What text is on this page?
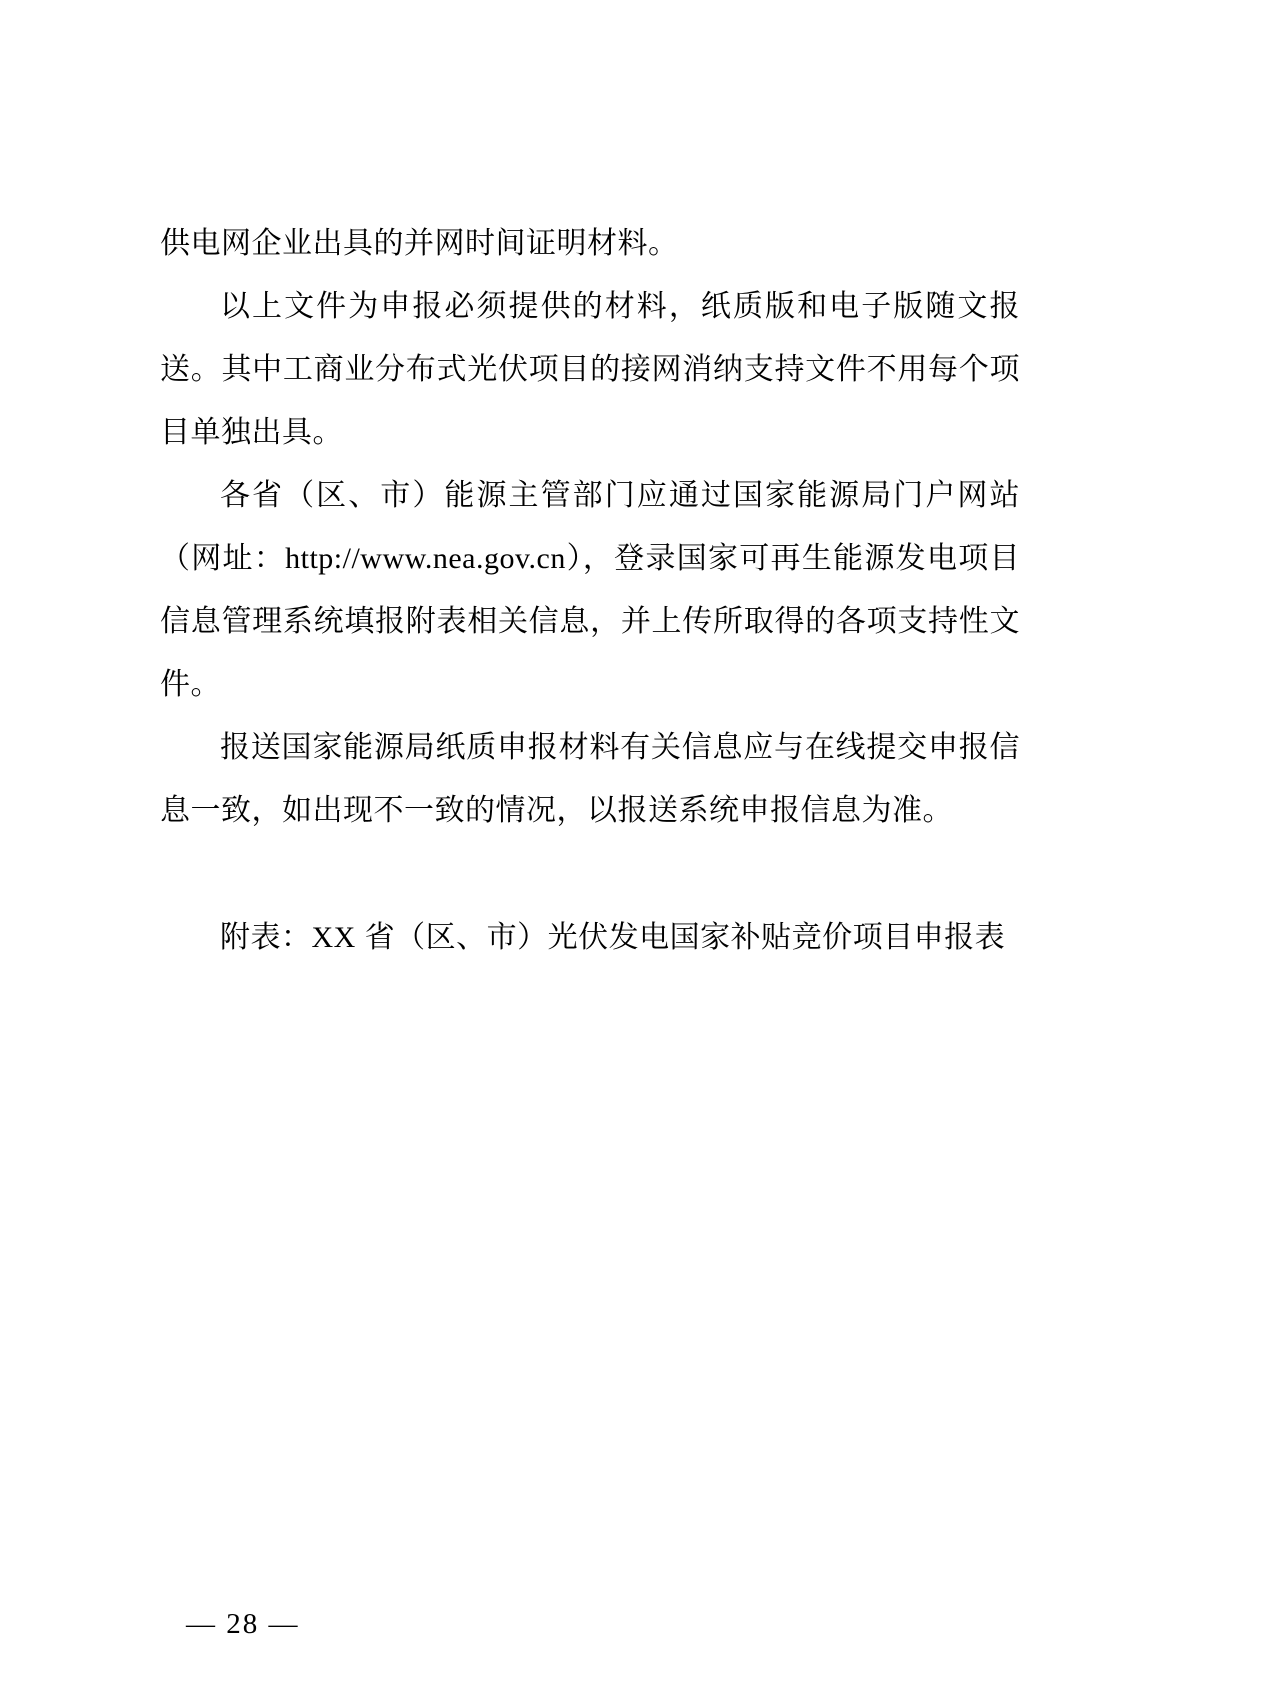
供电网企业出具的并网时间证明材料。
以上文件为申报必须提供的材料，纸质版和电子版随文报
送。其中工商业分布式光伏项目的接网消纳支持文件不用每个项
目单独出具。
各省（区、市）能源主管部门应通过国家能源局门户网站
（网址：http://www.nea.gov.cn），登录国家可再生能源发电项目
信息管理系统填报附表相关信息，并上传所取得的各项支持性文
件。
报送国家能源局纸质申报材料有关信息应与在线提交申报信
息一致，如出现不一致的情况，以报送系统申报信息为准。
附表：XX 省（区、市）光伏发电国家补贴竞价项目申报表
— 28 —
